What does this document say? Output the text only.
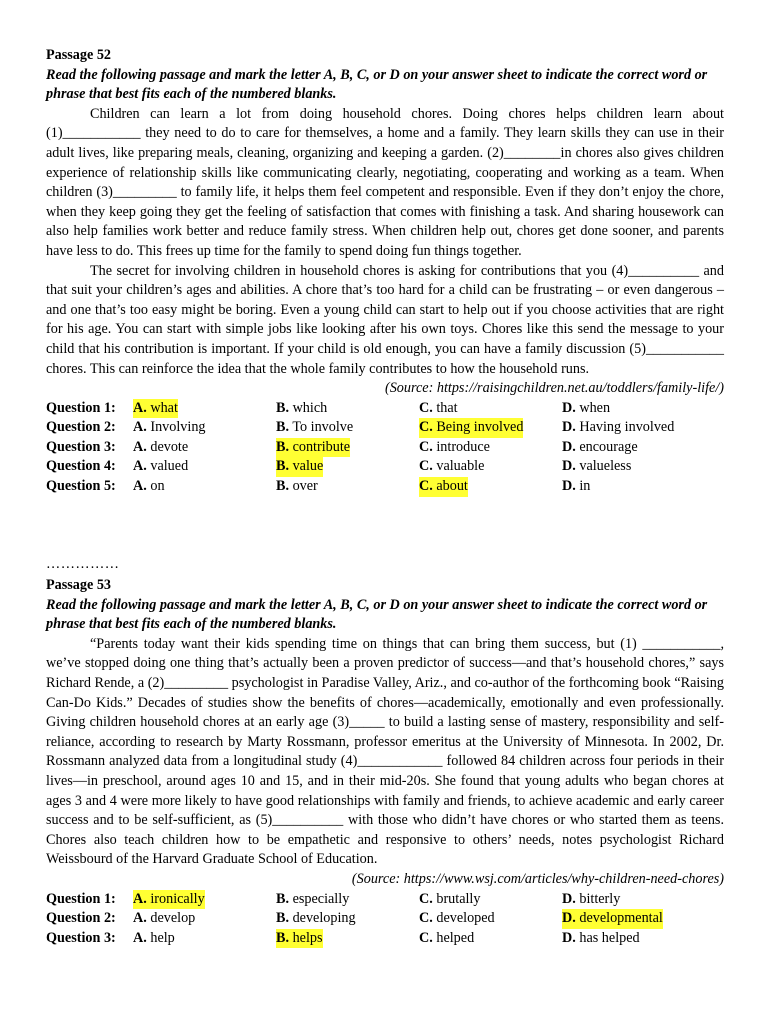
Passage 52
Read the following passage and mark the letter A, B, C, or D on your answer sheet to indicate the correct word or phrase that best fits each of the numbered blanks.

Children can learn a lot from doing household chores. Doing chores helps children learn about (1)___________ they need to do to care for themselves, a home and a family. They learn skills they can use in their adult lives, like preparing meals, cleaning, organizing and keeping a garden. (2)________in chores also gives children experience of relationship skills like communicating clearly, negotiating, cooperating and working as a team. When children (3)_________ to family life, it helps them feel competent and responsible. Even if they don’t enjoy the chore, when they keep going they get the feeling of satisfaction that comes with finishing a task. And sharing housework can also help families work better and reduce family stress. When children help out, chores get done sooner, and parents have less to do. This frees up time for the family to spend doing fun things together.

The secret for involving children in household chores is asking for contributions that you (4)__________ and that suit your children’s ages and abilities. A chore that’s too hard for a child can be frustrating – or even dangerous – and one that’s too easy might be boring. Even a young child can start to help out if you choose activities that are right for his age. You can start with simple jobs like looking after his own toys. Chores like this send the message to your child that his contribution is important. If your child is old enough, you can have a family discussion (5)___________ chores. This can reinforce the idea that the whole family contributes to how the household runs.

(Source: https://raisingchildren.net.au/toddlers/family-life/)
Question 1: A. what	B. which	C. that	D. when
Question 2: A. Involving	B. To involve	C. Being involved	D. Having involved
Question 3: A. devote	B. contribute	C. introduce	D. encourage
Question 4: A. valued	B. value	C. valuable	D. valueless
Question 5: A. on	B. over	C. about	D. in
……………
Passage 53
Read the following passage and mark the letter A, B, C, or D on your answer sheet to indicate the correct word or phrase that best fits each of the numbered blanks.

“Parents today want their kids spending time on things that can bring them success, but (1) ___________, we’ve stopped doing one thing that’s actually been a proven predictor of success—and that’s household chores,” says Richard Rende, a (2)_________ psychologist in Paradise Valley, Ariz., and co-author of the forthcoming book “Raising Can-Do Kids.” Decades of studies show the benefits of chores—academically, emotionally and even professionally. Giving children household chores at an early age (3)_____ to build a lasting sense of mastery, responsibility and self-reliance, according to research by Marty Rossmann, professor emeritus at the University of Minnesota. In 2002, Dr. Rossmann analyzed data from a longitudinal study (4)____________ followed 84 children across four periods in their lives—in preschool, around ages 10 and 15, and in their mid-20s. She found that young adults who began chores at ages 3 and 4 were more likely to have good relationships with family and friends, to achieve academic and early career success and to be self-sufficient, as (5)__________ with those who didn’t have chores or who started them as teens. Chores also teach children how to be empathetic and responsive to others’ needs, notes psychologist Richard Weissbourd of the Harvard Graduate School of Education.

(Source: https://www.wsj.com/articles/why-children-need-chores)
Question 1: A. ironically	B. especially	C. brutally	D. bitterly
Question 2: A. develop	B. developing	C. developed	D. developmental
Question 3: A. help	B. helps	C. helped	D. has helped
